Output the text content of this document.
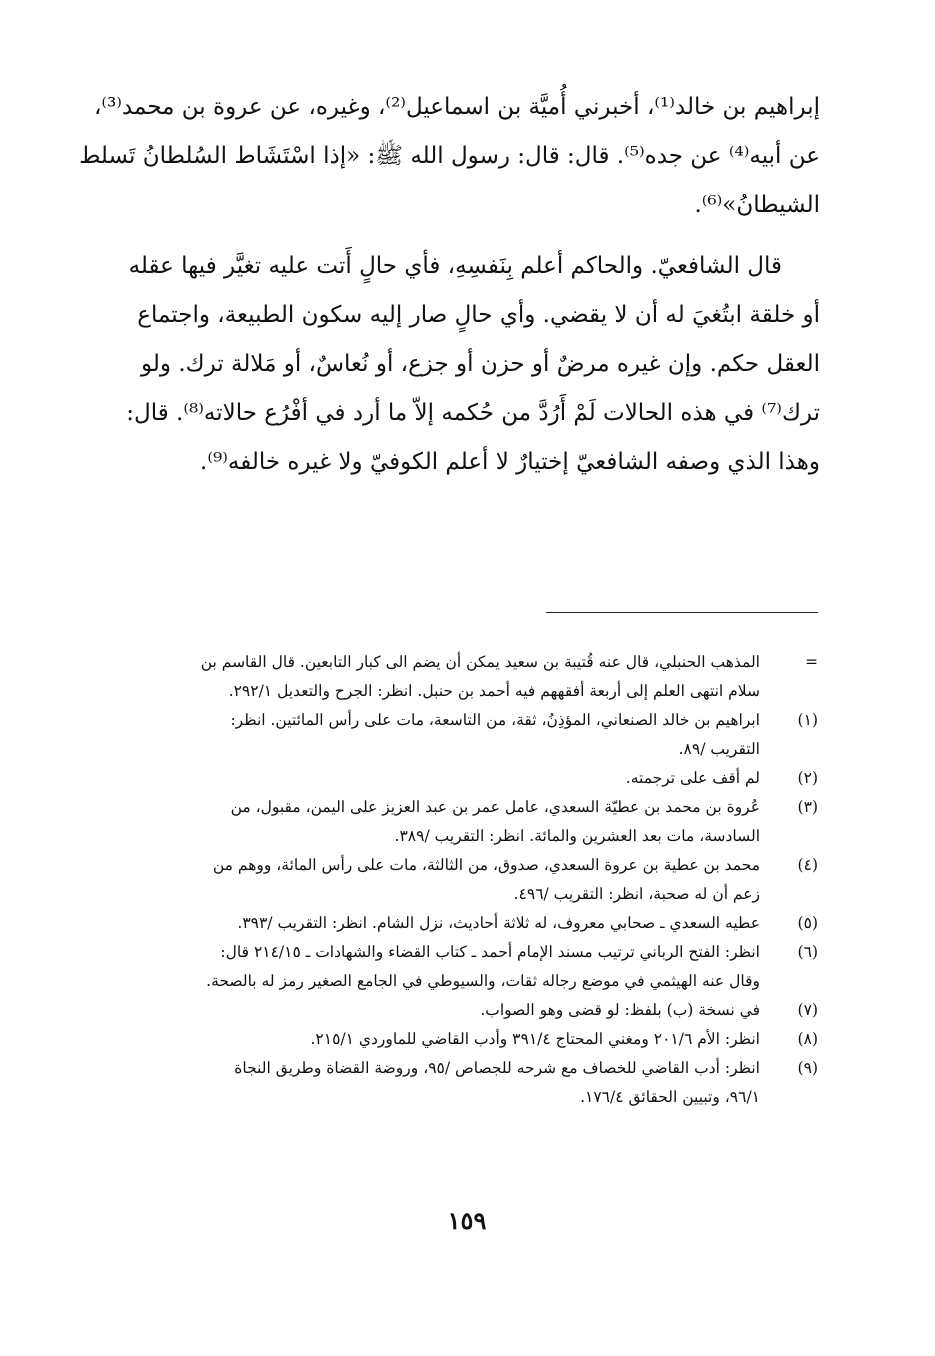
إبراهيم بن خالد⁽¹⁾، أخبرني أُميَّة بن اسماعيل⁽²⁾، وغيره، عن عروة بن محمد⁽³⁾،
عن أبيه⁽⁴⁾ عن جده⁽⁵⁾. قال: قال: رسول الله ﷺ: «إذا اسْتَشَاط السُلطانُ تَسلط
الشيطانُ»⁽⁶⁾.
قال الشافعيّ. والحاكم أعلم بِنَفسِهِ، فأي حالٍ أَتت عليه تغيَّر فيها عقله
أو خلقة ابتُغيَ له أن لا يقضي. وأي حالٍ صار إليه سكون الطبيعة، واجتماع
العقل حكم. وإن غيره مرضٌ أو حزن أو جزع، أو نُعاسٌ، أو مَلالة ترك. ولو
ترك⁽⁷⁾ في هذه الحالات لَمْ أَرُدَّ من حُكمه إلاّ ما أرد في أفْرُع حالاته⁽⁸⁾. قال:
وهذا الذي وصفه الشافعيّ إختيارٌ لا أعلم الكوفيّ ولا غيره خالفه⁽⁹⁾.
=
المذهب الحنبلي، قال عنه قُتيبة بن سعيد يمكن أن يضم الى كبار التابعين. قال القاسم بن
سلام انتهى العلم إلى أربعة أفقههم فيه أحمد بن حنبل. انظر: الجرح والتعديل ٢٩٢/١.
(١)
ابراهيم بن خالد الصنعاني، المؤذِنُ، ثقة، من التاسعة، مات على رأس المائتين. انظر:
التقريب /٨٩.
(٢)
لم أقف على ترجمته.
(٣)
عُروة بن محمد بن عطيّة السعدي، عامل عمر بن عبد العزيز على اليمن، مقبول، من
السادسة، مات بعد العشرين والمائة. انظر: التقريب /٣٨٩.
(٤)
محمد بن عطية بن عروة السعدي، صدوق، من الثالثة، مات على رأس المائة، ووهم من
زعم أن له صحبة، انظر: التقريب /٤٩٦.
(٥)
عطيه السعدي ـ صحابي معروف، له ثلاثة أحاديث، نزل الشام. انظر: التقريب /٣٩٣.
(٦)
انظر: الفتح الرباني ترتيب مسند الإمام أحمد ـ كتاب القضاء والشهادات ـ ٢١٤/١٥ قال:
وقال عنه الهيثمي في موضع رجاله ثقات، والسيوطي في الجامع الصغير رمز له بالصحة.
(٧)
في نسخة (ب) بلفظ: لو قضى وهو الصواب.
(٨)
انظر: الأم ٢٠١/٦ ومغني المحتاج ٣٩١/٤ وأدب القاضي للماوردي ٢١٥/١.
(٩)
انظر: أدب القاضي للخصاف مع شرحه للجصاص /٩٥، وروضة القضاة وطريق النجاة
٩٦/١، وتبيين الحقائق ١٧٦/٤.
١٥٩
